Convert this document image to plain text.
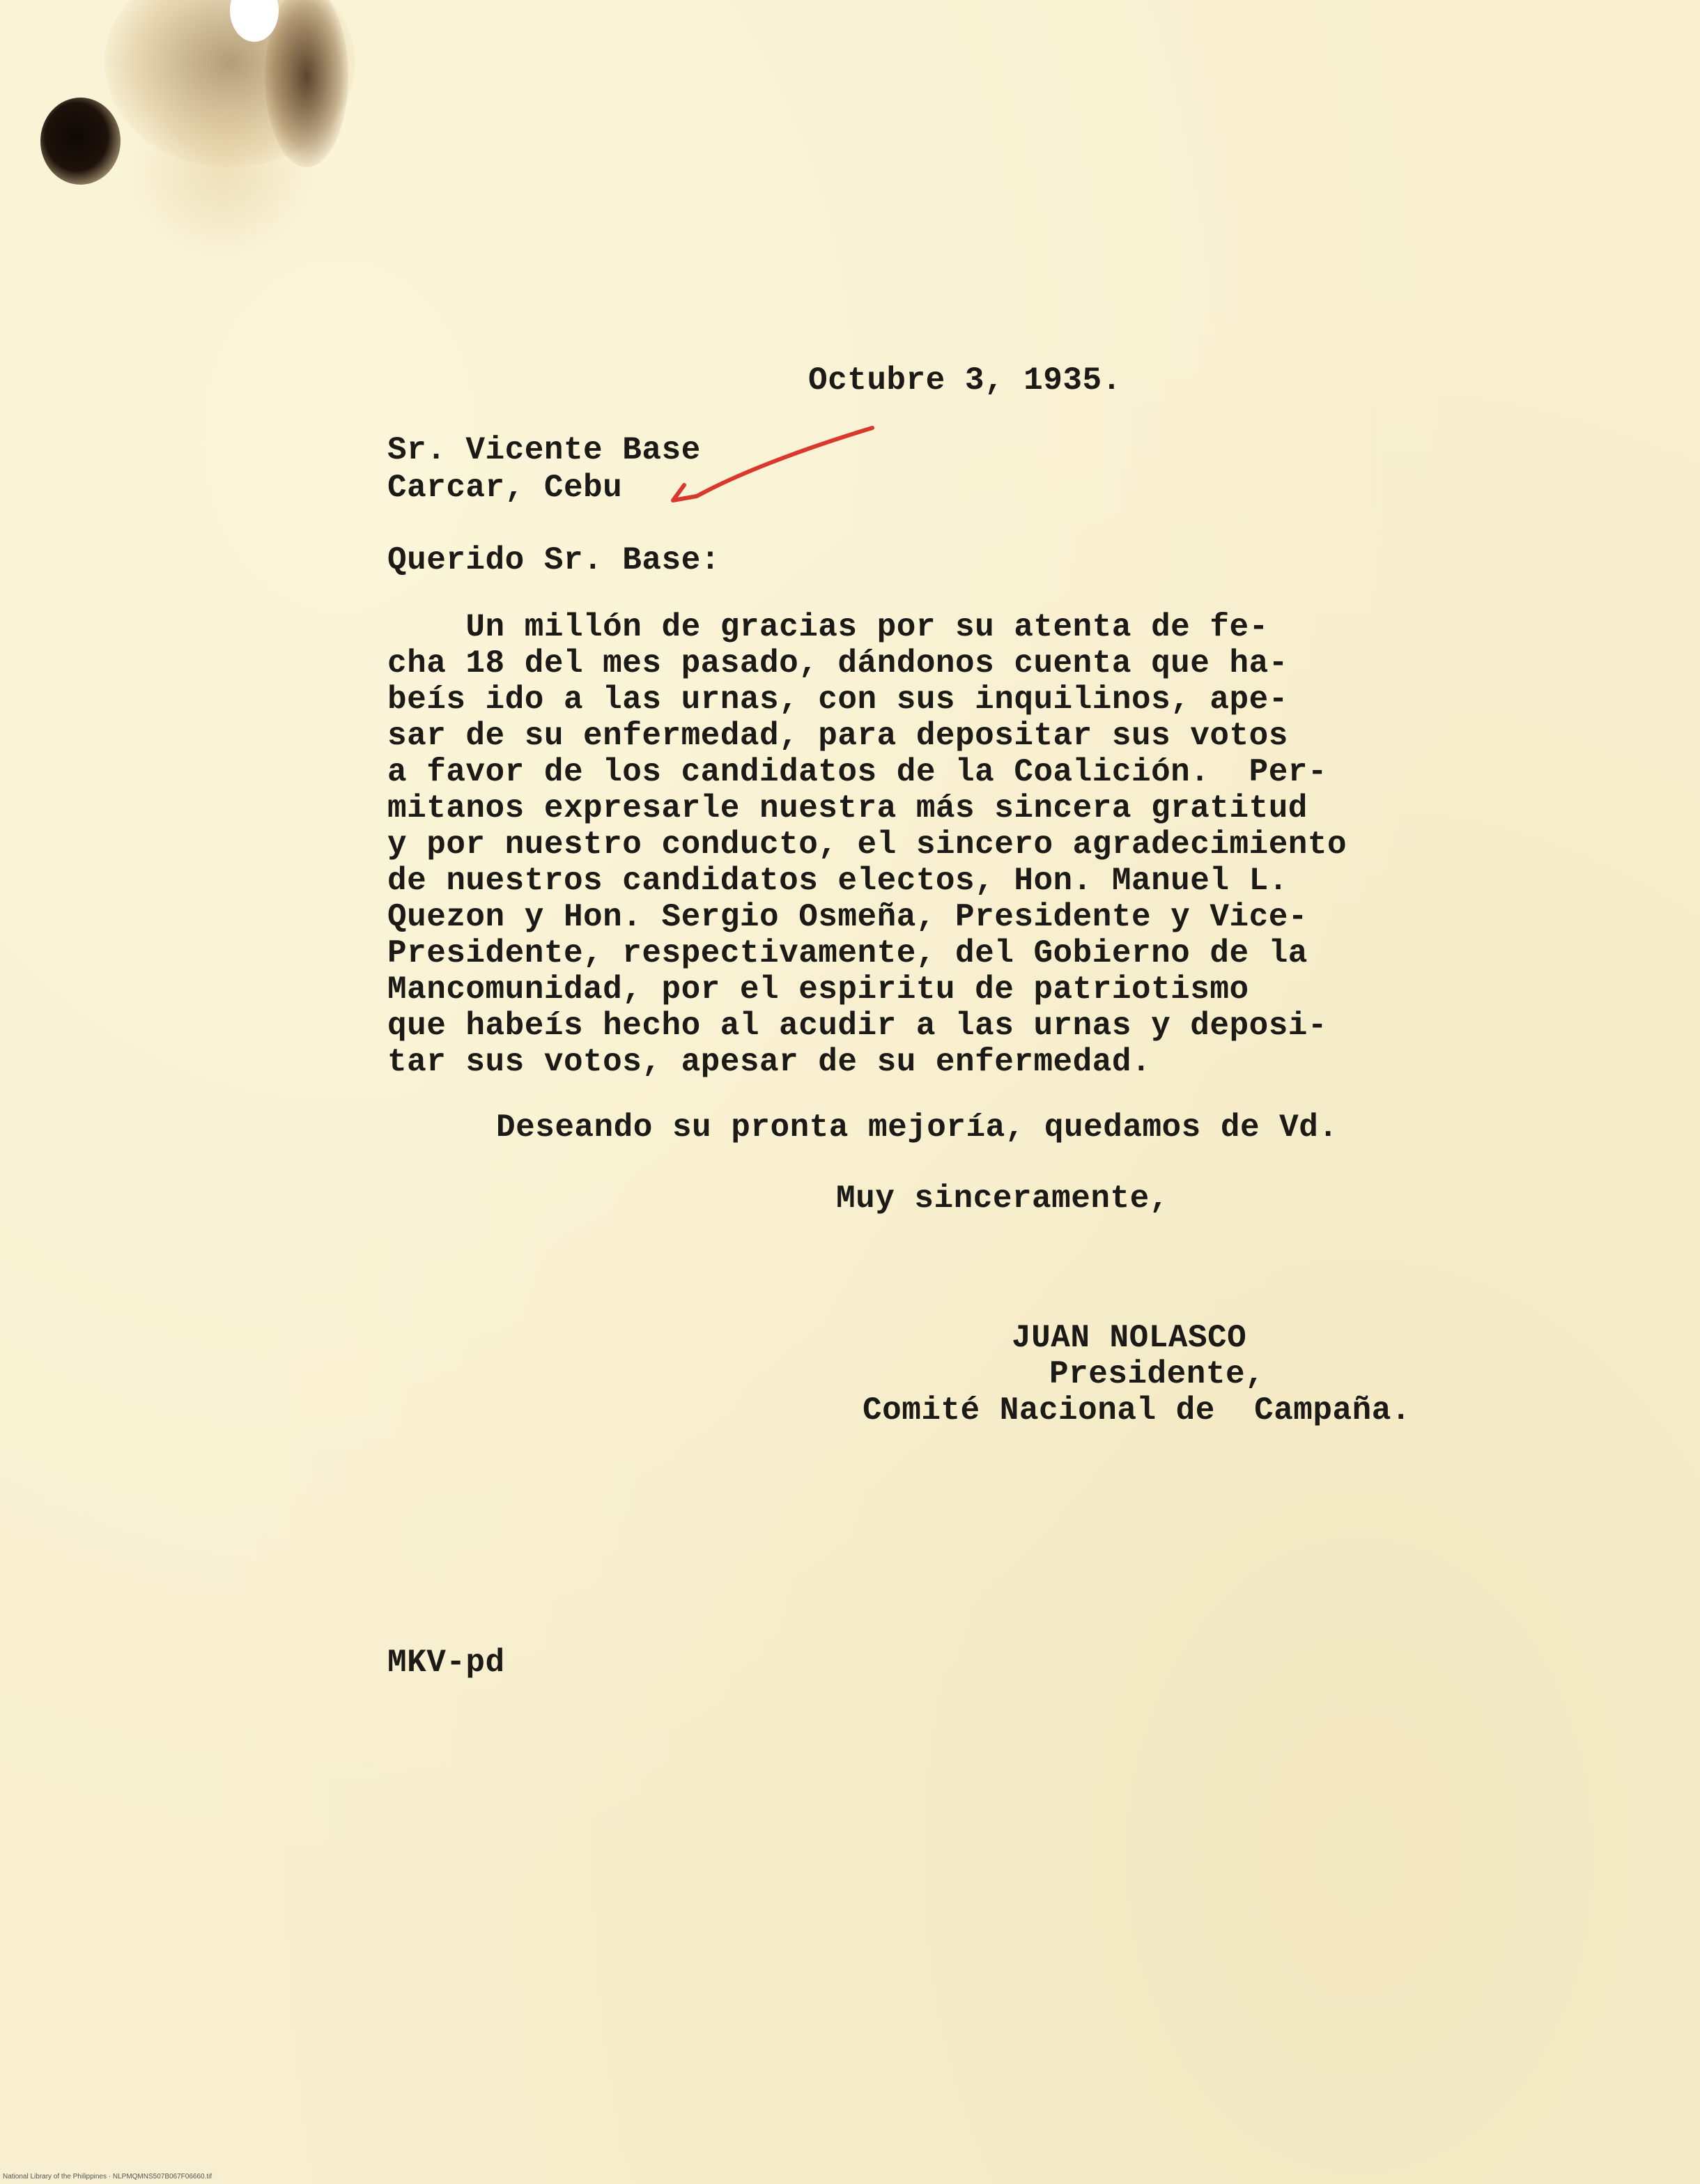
Octubre 3, 1935.
Sr. Vicente Base
Carcar, Cebu
Querido Sr. Base:
Un millón de gracias por su atenta de fe-
cha 18 del mes pasado, dándonos cuenta que ha-
beís ido a las urnas, con sus inquilinos, ape-
sar de su enfermedad, para depositar sus votos
a favor de los candidatos de la Coalición.  Per-
mitanos expresarle nuestra más sincera gratitud
y por nuestro conducto, el sincero agradecimiento
de nuestros candidatos electos, Hon. Manuel L.
Quezon y Hon. Sergio Osmeña, Presidente y Vice-
Presidente, respectivamente, del Gobierno de la
Mancomunidad, por el espiritu de patriotismo
que habeís hecho al acudir a las urnas y deposi-
tar sus votos, apesar de su enfermedad.
Deseando su pronta mejoría, quedamos de Vd.
Muy sinceramente,
JUAN NOLASCO
Presidente,
Comité Nacional de  Campaña.
MKV-pd
National Library of the Philippines · NLPMQMNS507B067F06660.tif
